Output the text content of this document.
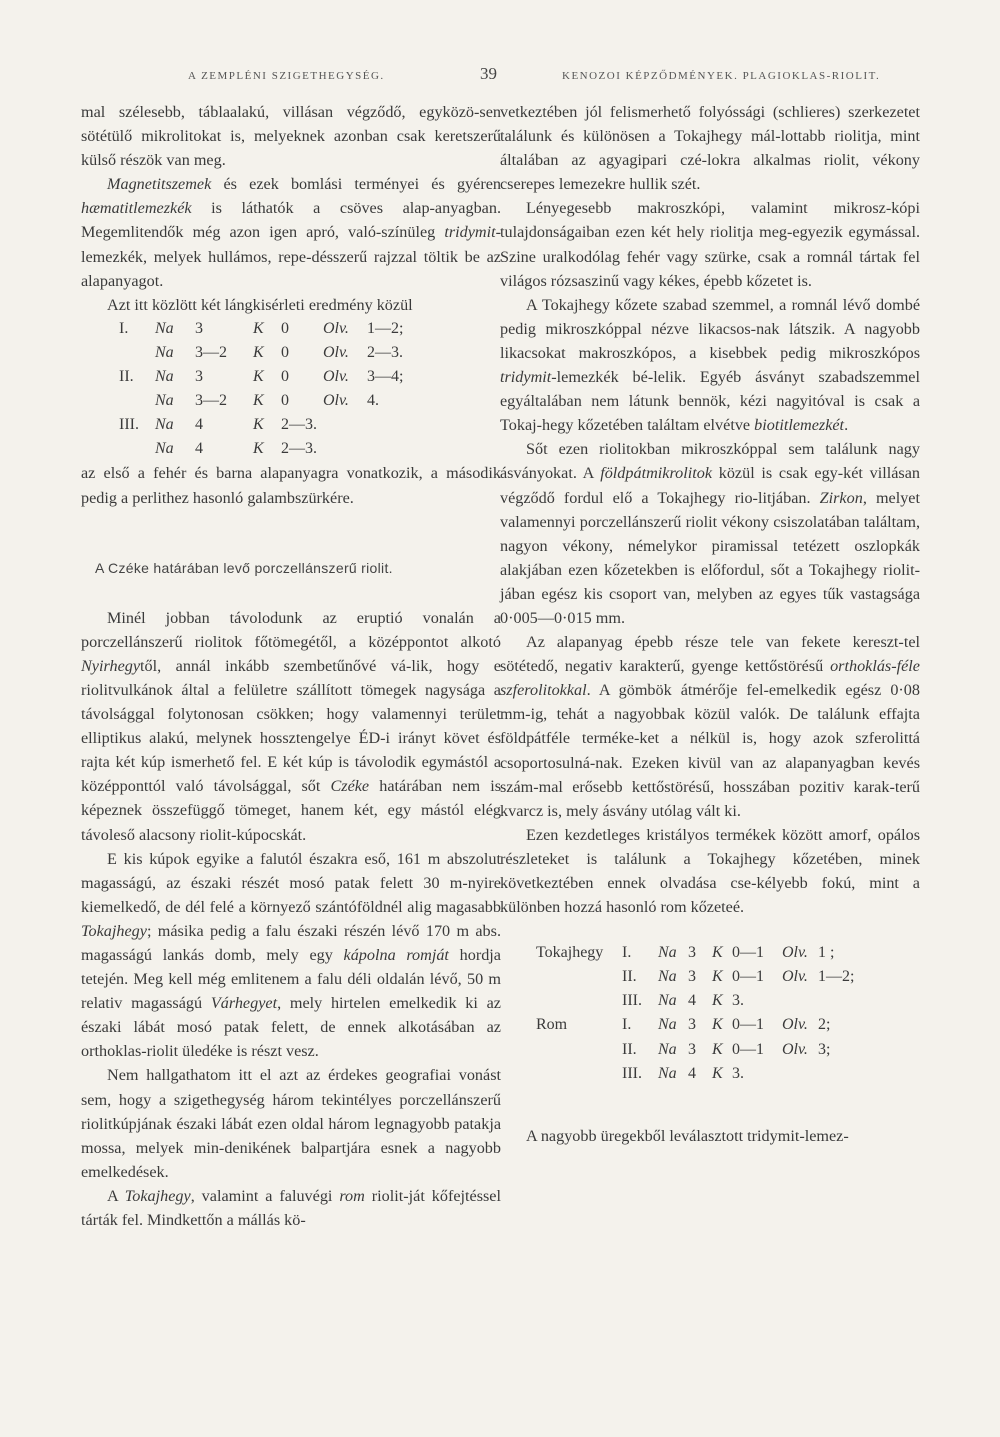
A ZEMPLÉNI SZIGETHEGYSÉG.	39	KENOZOI KÉPZŐDMÉNYEK. PLAGIOKLAS-RIOLIT.

mal szélesebb, táblaalakú, villásan végződő, egyközö-sen sötétülő mikrolitokat is, melyeknek azonban csak keretszerű külső részök van meg.

Magnetitszemek és ezek bomlási terményei és gyéren hæmatitlemezkék is láthatók a csöves alap-anyagban. Megemlitendők még azon igen apró, való-színüleg tridymit-lemezkék, melyek hullámos, repe-désszerű rajzzal töltik be az alapanyagot.

Azt itt közlött két lángkisérleti eredmény közül

I.	Na	3	K	0	Olv.	1—2;
	Na	3—2	K	0	Olv.	2—3.
II.	Na	3	K	0	Olv.	3—4;
	Na	3—2	K	0	Olv.	4.
III.	Na	4	K	2—3.		
	Na	4	K	2—3.		

az első a fehér és barna alapanyagra vonatkozik, a második pedig a perlithez hasonló galambszürkére.

A Czéke határában levő porczellánszerű riolit.

Minél jobban távolodunk az eruptió vonalán a porczellánszerű riolitok főtömegétől, a középpontot alkotó Nyirhegytől, annál inkább szembetűnővé vá-lik, hogy e riolitvulkánok által a felületre szállított tömegek nagysága a távolsággal folytonosan csökken; hogy valamennyi terület elliptikus alakú, melynek hossztengelye ÉD-i irányt követ és rajta két kúp ismerhető fel. E két kúp is távolodik egymástól a középponttól való távolsággal, sőt Czéke határában nem is képeznek összefüggő tömeget, hanem két, egy mástól elég távoleső alacsony riolit-kúpocskát.

E kis kúpok egyike a falutól északra eső, 161 m abszolut magasságú, az északi részét mosó patak felett 30 m-nyire kiemelkedő, de dél felé a környező szántóföldnél alig magasabb Tokajhegy; másika pedig a falu északi részén lévő 170 m abs. magasságú lankás domb, mely egy kápolna romját hordja tetején. Meg kell még emlitenem a falu déli oldalán lévő, 50 m relativ magasságú Várhegyet, mely hirtelen emelkedik ki az északi lábát mosó patak felett, de ennek alkotásában az orthoklas-riolit üledéke is részt vesz.

Nem hallgathatom itt el azt az érdekes geografiai vonást sem, hogy a szigethegység három tekintélyes porczellánszerű riolitkúpjának északi lábát ezen oldal három legnagyobb patakja mossa, melyek min-denikének balpartjára esnek a nagyobb emelkedések.

A Tokajhegy, valamint a faluvégi rom riolit-ját kőfejtéssel tárták fel. Mindkettőn a mállás kö-

vetkeztében jól felismerhető folyóssági (schlieres) szerkezetet találunk és különösen a Tokajhegy mál-lottabb riolitja, mint általában az agyagipari czé-lokra alkalmas riolit, vékony cserepes lemezekre hullik szét.

Lényegesebb makroszkópi, valamint mikrosz-kópi tulajdonságaiban ezen két hely riolitja meg-egyezik egymással. Szine uralkodólag fehér vagy szürke, csak a romnál tártak fel világos rózsaszinű vagy kékes, épebb kőzetet is.

A Tokajhegy kőzete szabad szemmel, a romnál lévő dombé pedig mikroszkóppal nézve likacsos-nak látszik. A nagyobb likacsokat makroszkópos, a kisebbek pedig mikroszkópos tridymit-lemezkék bé-lelik. Egyéb ásványt szabadszemmel egyáltalában nem látunk bennök, kézi nagyitóval is csak a Tokaj-hegy kőzetében találtam elvétve biotitlemezkét.

Sőt ezen riolitokban mikroszkóppal sem találunk nagy ásványokat. A földpátmikrolitok közül is csak egy-két villásan végződő fordul elő a Tokajhegy rio-litjában. Zirkon, melyet valamennyi porczellánszerű riolit vékony csiszolatában találtam, nagyon vékony, némelykor piramissal tetézett oszlopkák alakjában ezen kőzetekben is előfordul, sőt a Tokajhegy riolit-jában egész kis csoport van, melyben az egyes tűk vastagsága 0·005—0·015 mm.

Az alapanyag épebb része tele van fekete kereszt-tel sötétedő, negativ karakterű, gyenge kettőstörésű orthoklás-féle szferolitokkal. A gömbök átmérője fel-emelkedik egész 0·08 mm-ig, tehát a nagyobbak közül valók. De találunk effajta földpátféle terméke-ket a nélkül is, hogy azok szferolittá csoportosulná-nak. Ezeken kivül van az alapanyagban kevés szám-mal erősebb kettőstörésű, hosszában pozitiv karak-terű kvarcz is, mely ásvány utólag vált ki.

Ezen kezdetleges kristályos termékek között amorf, opálos részleteket is találunk a Tokajhegy kőzetében, minek következtében ennek olvadása cse-kélyebb fokú, mint a különben hozzá hasonló rom kőzeteé.

Tokajhegy	I.	Na	3	K	0—1	Olv.	1 ;
	II.	Na	3	K	0—1	Olv.	1—2;
	III.	Na	4	K	3.		
Rom	I.	Na	3	K	0—1	Olv.	2;
	II.	Na	3	K	0—1	Olv.	3;
	III.	Na	4	K	3.		

A nagyobb üregekből leválasztott tridymit-lemez-
